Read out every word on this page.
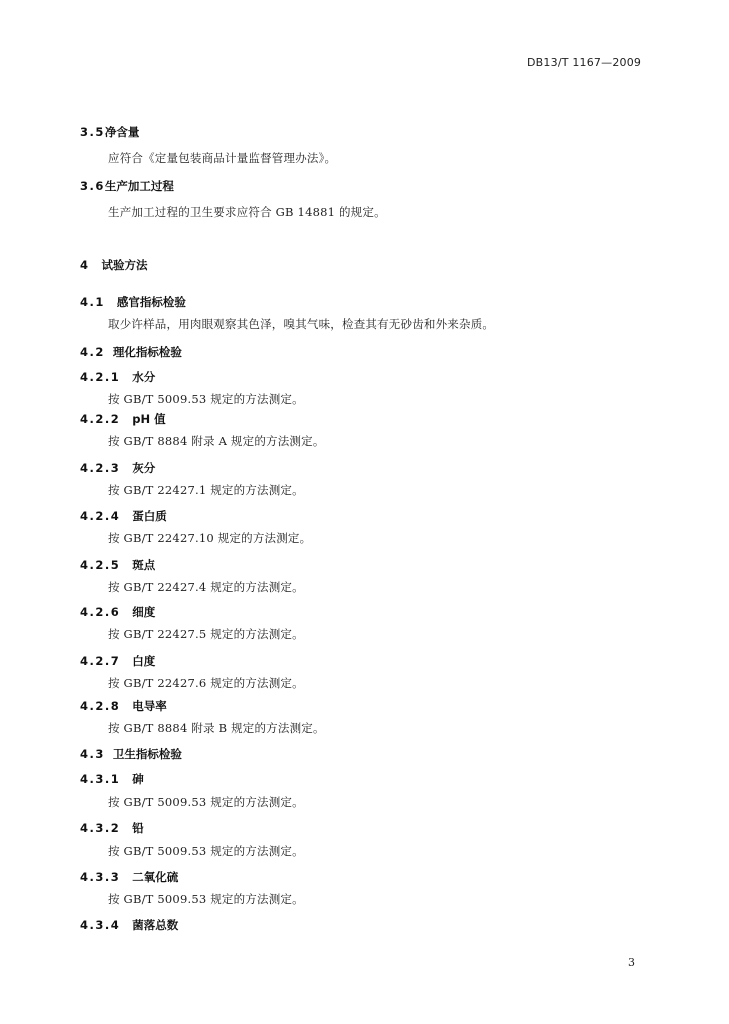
DB13/T 1167—2009
3.5净含量
应符合《定量包装商品计量监督管理办法》。
3.6生产加工过程
生产加工过程的卫生要求应符合 GB 14881 的规定。
4 试验方法
4.1 感官指标检验
取少许样品，用肉眼观察其色泽，嗅其气味，检查其有无砂齿和外来杂质。
4.2 理化指标检验
4.2.1 水分
按 GB/T 5009.53 规定的方法测定。
4.2.2 pH 值
按 GB/T 8884 附录 A 规定的方法测定。
4.2.3 灰分
按 GB/T 22427.1 规定的方法测定。
4.2.4 蛋白质
按 GB/T 22427.10 规定的方法测定。
4.2.5 斑点
按 GB/T 22427.4 规定的方法测定。
4.2.6 细度
按 GB/T 22427.5 规定的方法测定。
4.2.7 白度
按 GB/T 22427.6 规定的方法测定。
4.2.8 电导率
按 GB/T 8884 附录 B 规定的方法测定。
4.3 卫生指标检验
4.3.1 砷
按 GB/T 5009.53 规定的方法测定。
4.3.2 铅
按 GB/T 5009.53 规定的方法测定。
4.3.3 二氧化硫
按 GB/T 5009.53 规定的方法测定。
4.3.4 菌落总数
3
